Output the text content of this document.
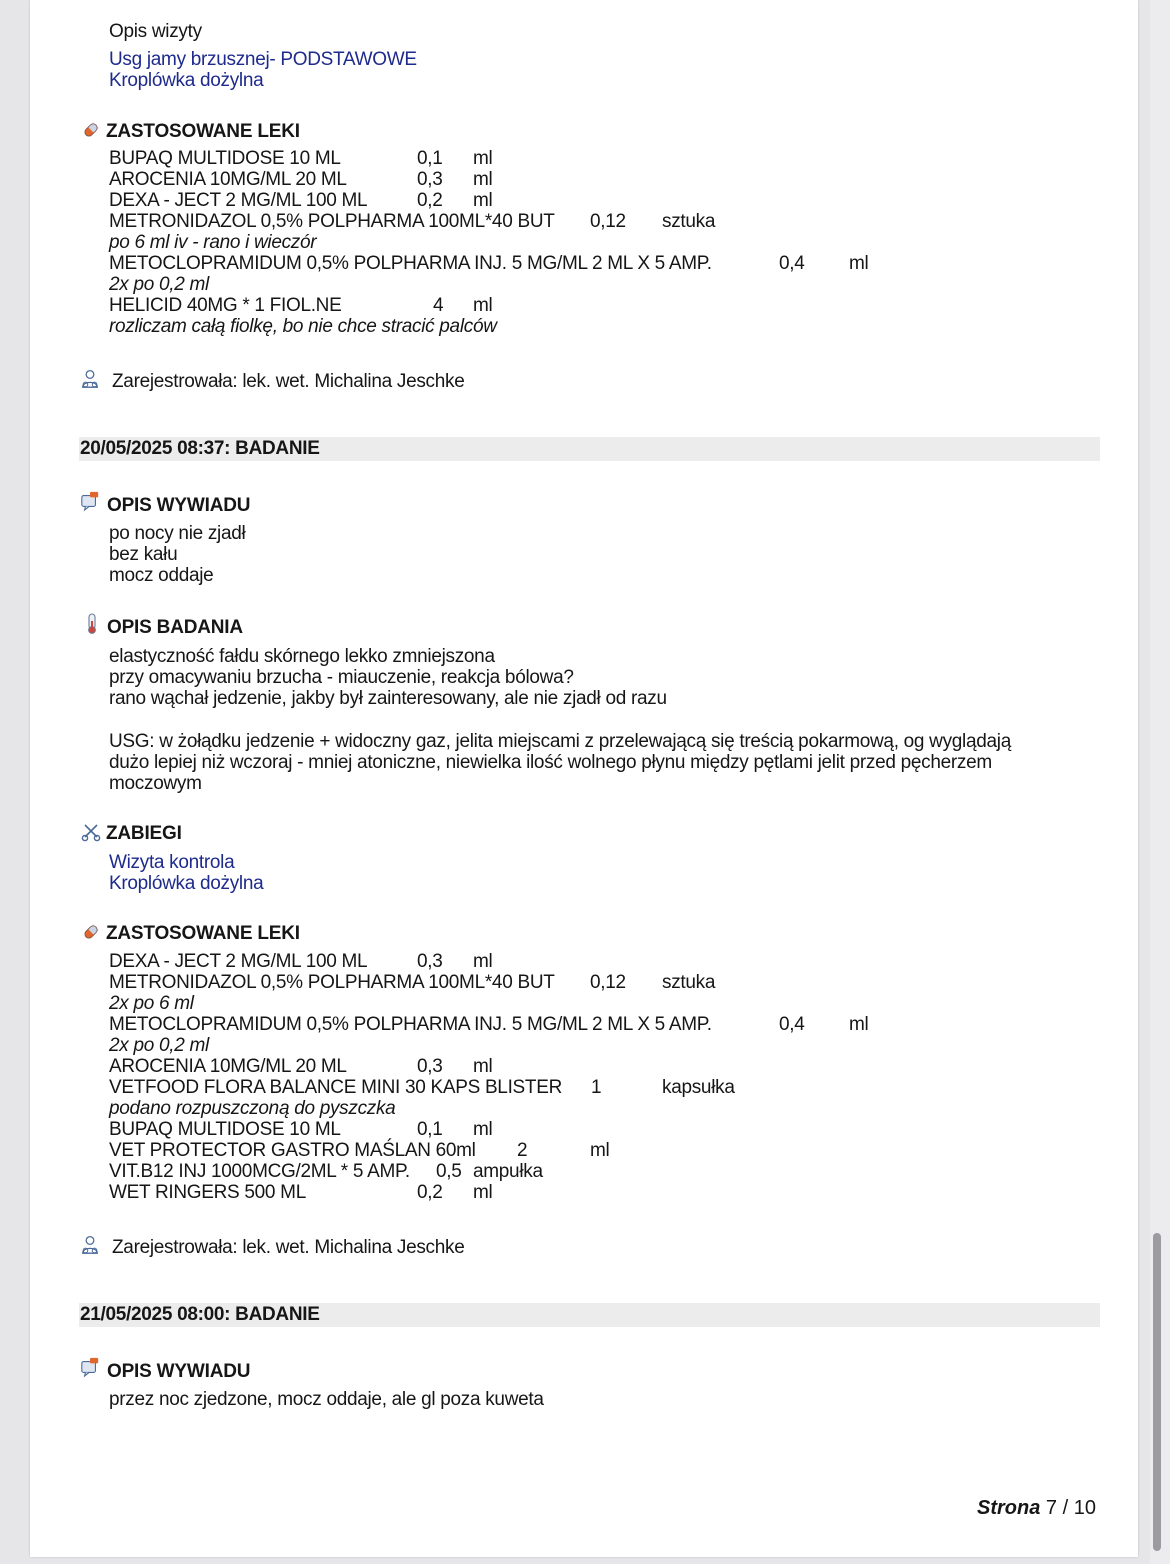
Opis wizyty
Usg jamy brzusznej- PODSTAWOWE
Kroplówka dożylna
ZASTOSOWANE LEKI
BUPAQ MULTIDOSE 10 ML	0,1 ml
AROCENIA 10MG/ML 20 ML	0,3 ml
DEXA - JECT 2 MG/ML 100 ML	0,2 ml
METRONIDAZOL 0,5% POLPHARMA 100ML*40 BUT 0,12 sztuka
po 6 ml iv - rano i wieczór
METOCLOPRAMIDUM 0,5% POLPHARMA INJ. 5 MG/ML 2 ML X 5 AMP.	0,4 ml
2x po 0,2 ml
HELICID 40MG * 1 FIOL.NE	4 ml
rozliczam całą fiolkę, bo nie chce stracić palców
Zarejestrowała: lek. wet. Michalina Jeschke
20/05/2025 08:37: BADANIE
OPIS WYWIADU
po nocy nie zjadł
bez kału
mocz oddaje
OPIS BADANIA
elastyczność fałdu skórnego lekko zmniejszona
przy omacywaniu brzucha - miauczenie, reakcja bólowa?
rano wąchał jedzenie, jakby był zainteresowany, ale nie zjadł od razu
USG: w żołądku jedzenie + widoczny gaz, jelita miejscami z przelewającą się treścią pokarmową, og wyglądają
dużo lepiej niż wczoraj - mniej atoniczne, niewielka ilość wolnego płynu między pętlami jelit przed pęcherzem
moczowym
ZABIEGI
Wizyta kontrola
Kroplówka dożylna
ZASTOSOWANE LEKI
DEXA - JECT 2 MG/ML 100 ML	0,3 ml
METRONIDAZOL 0,5% POLPHARMA 100ML*40 BUT 0,12 sztuka
2x po 6 ml
METOCLOPRAMIDUM 0,5% POLPHARMA INJ. 5 MG/ML 2 ML X 5 AMP.	0,4 ml
2x po 0,2 ml
AROCENIA 10MG/ML 20 ML	0,3 ml
VETFOOD FLORA BALANCE MINI 30 KAPS BLISTER 1	kapsułka
podano rozpuszczoną do pyszczka
BUPAQ MULTIDOSE 10 ML	0,1 ml
VET PROTECTOR GASTRO MAŚLAN 60ml 2	ml
VIT.B12 INJ 1000MCG/2ML * 5 AMP. 0,5 ampułka
WET RINGERS 500 ML	0,2 ml
Zarejestrowała: lek. wet. Michalina Jeschke
21/05/2025 08:00: BADANIE
OPIS WYWIADU
przez noc zjedzone, mocz oddaje, ale gl poza kuweta
Strona 7 / 10
